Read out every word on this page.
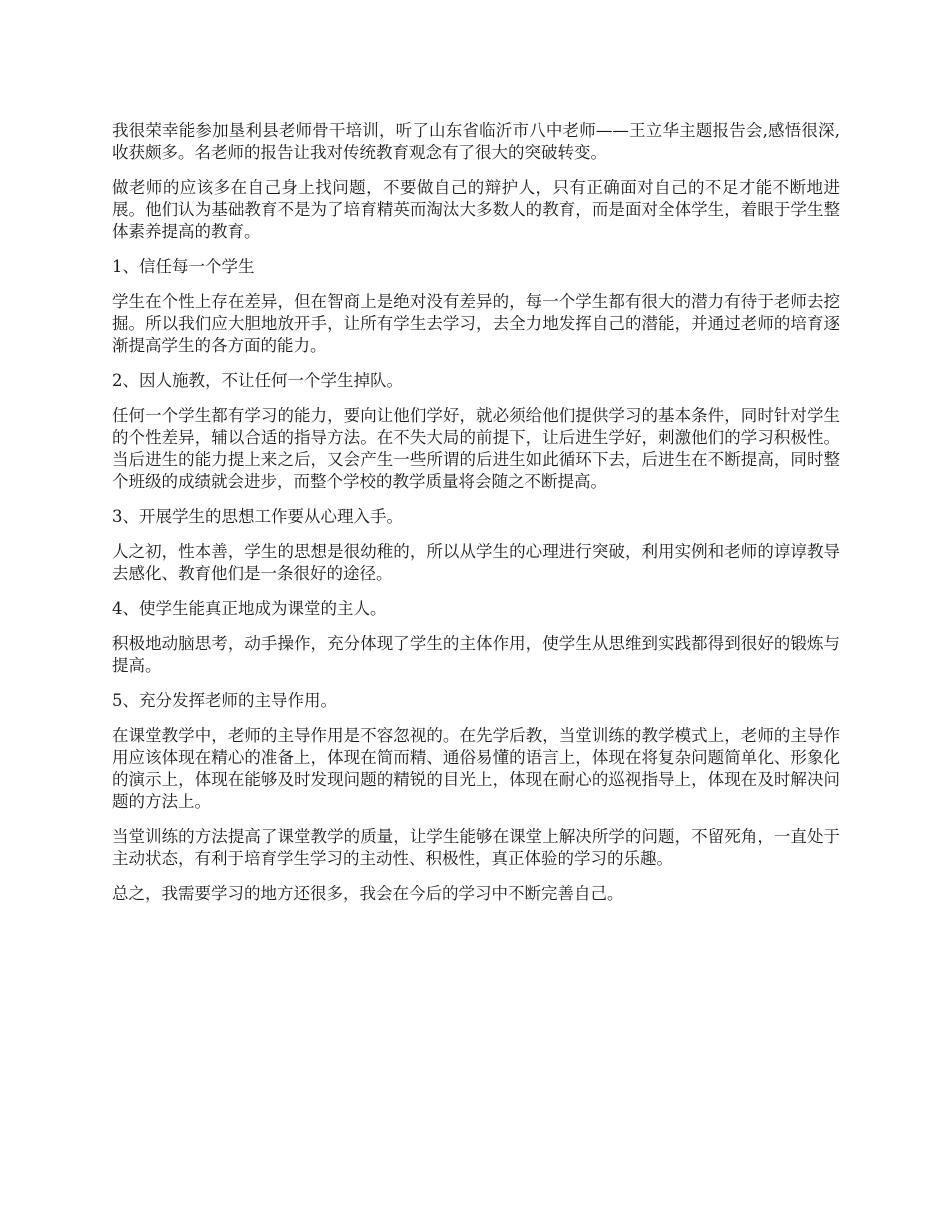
我很荣幸能参加垦利县老师骨干培训，听了山东省临沂市八中老师——王立华主题报告会,感悟很深,收获颇多。名老师的报告让我对传统教育观念有了很大的突破转变。

做老师的应该多在自己身上找问题，不要做自己的辩护人，只有正确面对自己的不足才能不断地进展。他们认为基础教育不是为了培育精英而淘汰大多数人的教育，而是面对全体学生，着眼于学生整体素养提高的教育。

1、信任每一个学生

学生在个性上存在差异，但在智商上是绝对没有差异的，每一个学生都有很大的潜力有待于老师去挖掘。所以我们应大胆地放开手，让所有学生去学习，去全力地发挥自己的潜能，并通过老师的培育逐渐提高学生的各方面的能力。

2、因人施教，不让任何一个学生掉队。

任何一个学生都有学习的能力，要向让他们学好，就必须给他们提供学习的基本条件，同时针对学生的个性差异，辅以合适的指导方法。在不失大局的前提下，让后进生学好，刺激他们的学习积极性。当后进生的能力提上来之后，又会产生一些所谓的后进生如此循环下去，后进生在不断提高，同时整个班级的成绩就会进步，而整个学校的教学质量将会随之不断提高。

3、开展学生的思想工作要从心理入手。

人之初，性本善，学生的思想是很幼稚的，所以从学生的心理进行突破，利用实例和老师的谆谆教导去感化、教育他们是一条很好的途径。

4、使学生能真正地成为课堂的主人。

积极地动脑思考，动手操作，充分体现了学生的主体作用，使学生从思维到实践都得到很好的锻炼与提高。

5、充分发挥老师的主导作用。

在课堂教学中，老师的主导作用是不容忽视的。在先学后教，当堂训练的教学模式上，老师的主导作用应该体现在精心的准备上，体现在简而精、通俗易懂的语言上，体现在将复杂问题简单化、形象化的演示上，体现在能够及时发现问题的精锐的目光上，体现在耐心的巡视指导上，体现在及时解决问题的方法上。

当堂训练的方法提高了课堂教学的质量，让学生能够在课堂上解决所学的问题，不留死角，一直处于主动状态，有利于培育学生学习的主动性、积极性，真正体验的学习的乐趣。

总之，我需要学习的地方还很多，我会在今后的学习中不断完善自己。
